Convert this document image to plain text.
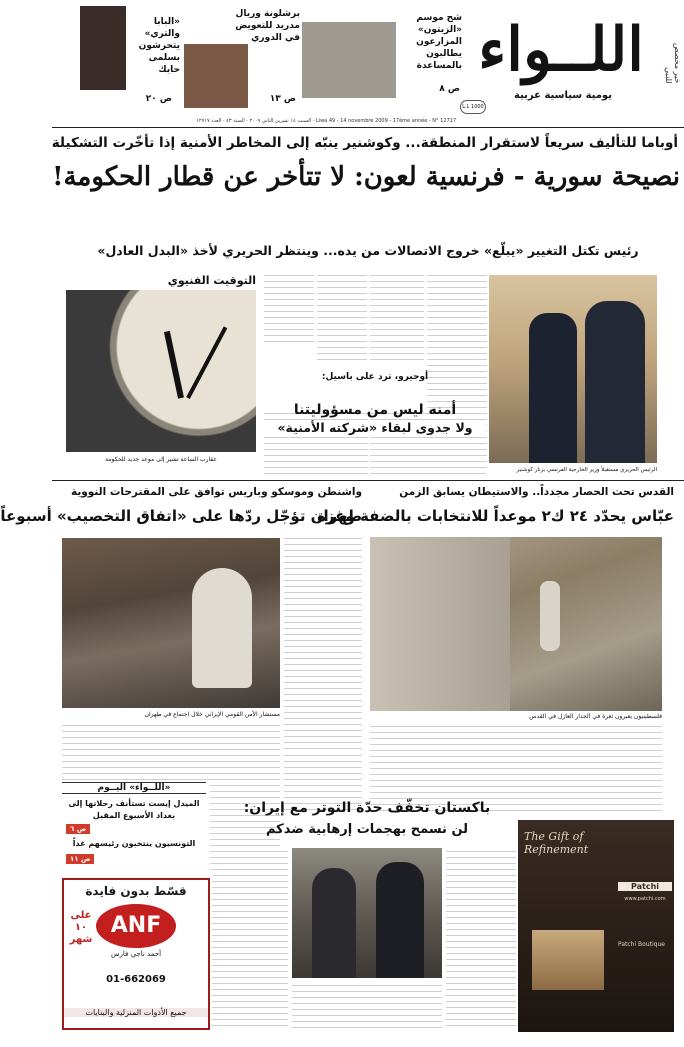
خير مخصص للنبي
اللــواء
يومية سياسية عربية
1000 L.L
شح موسم «الزيتون» المزارعون يطالبون بالمساعدة
ص ٨
برشلونة وريال مدريد للتعويض في الدوري
ص ١٣
«البابا والتري» يتحرشون بسلمى حايك
ص ٢٠
Liwa 49 - 14 novembre 2009 - 17ème année - N° 12717 · السبت ١٤ تشرين الثاني ٢٠٠٩ · السنة ٤٣ · العدد ١٢٧١٧
أوباما للتأليف سريعاً لاستقرار المنطقة... وكوشنير ينبّه إلى المخاطر الأمنية إذا تأخّرت التشكيلة
نصيحة سورية - فرنسية لعون: لا تتأخر عن قطار الحكومة!
رئيس تكتل التغيير «يبلّع» خروج الاتصالات من يده... وينتظر الحريري لأخذ «البدل العادل»
الرئيس الحريري مستقبلاً وزير الخارجية الفرنسي برنار كوشنير
التوقيت الفنيوي
عقارب الساعة تشير إلى موعد جديد للحكومة
أوجيرو، ترد على باسيل:
أمنه ليس من مسؤوليتنا
ولا جدوى لبقاء «شركته الأمنية»
القدس تحت الحصار مجدداً.. والاستيطان يسابق الزمن
عبّاس يحدّد ٢٤ ك٢ موعداً للانتخابات بالضفة وغزة
فلسطينيون يعبرون ثغرة في الجدار العازل في القدس
واشنطن وموسكو وباريس توافق على المقترحات النووية
طهران تؤجّل ردّها على «اتفاق التخصيب» أسبوعاً
مستشار الأمن القومي الإيراني خلال اجتماع في طهران
«اللــواء» اليــوم
الميدل إيست تستأنف رحلاتها إلى بغداد الأسبوع المقبل
ص ٦
التونسيون ينتخبون رئيسهم غداً
ص ١١
قسّط بدون فايدة
ANF
على ١٠ شهر
أحمد ناجي فارس
01-662069
جميع الأدوات المنزلية والبنايات
باكستان تخفّف حدّة التوتر مع إيران:
لن نسمح بهجمات إرهابية ضدكم	The Gift of Refinement
Patchi
www.patchi.com
Patchi Boutique
